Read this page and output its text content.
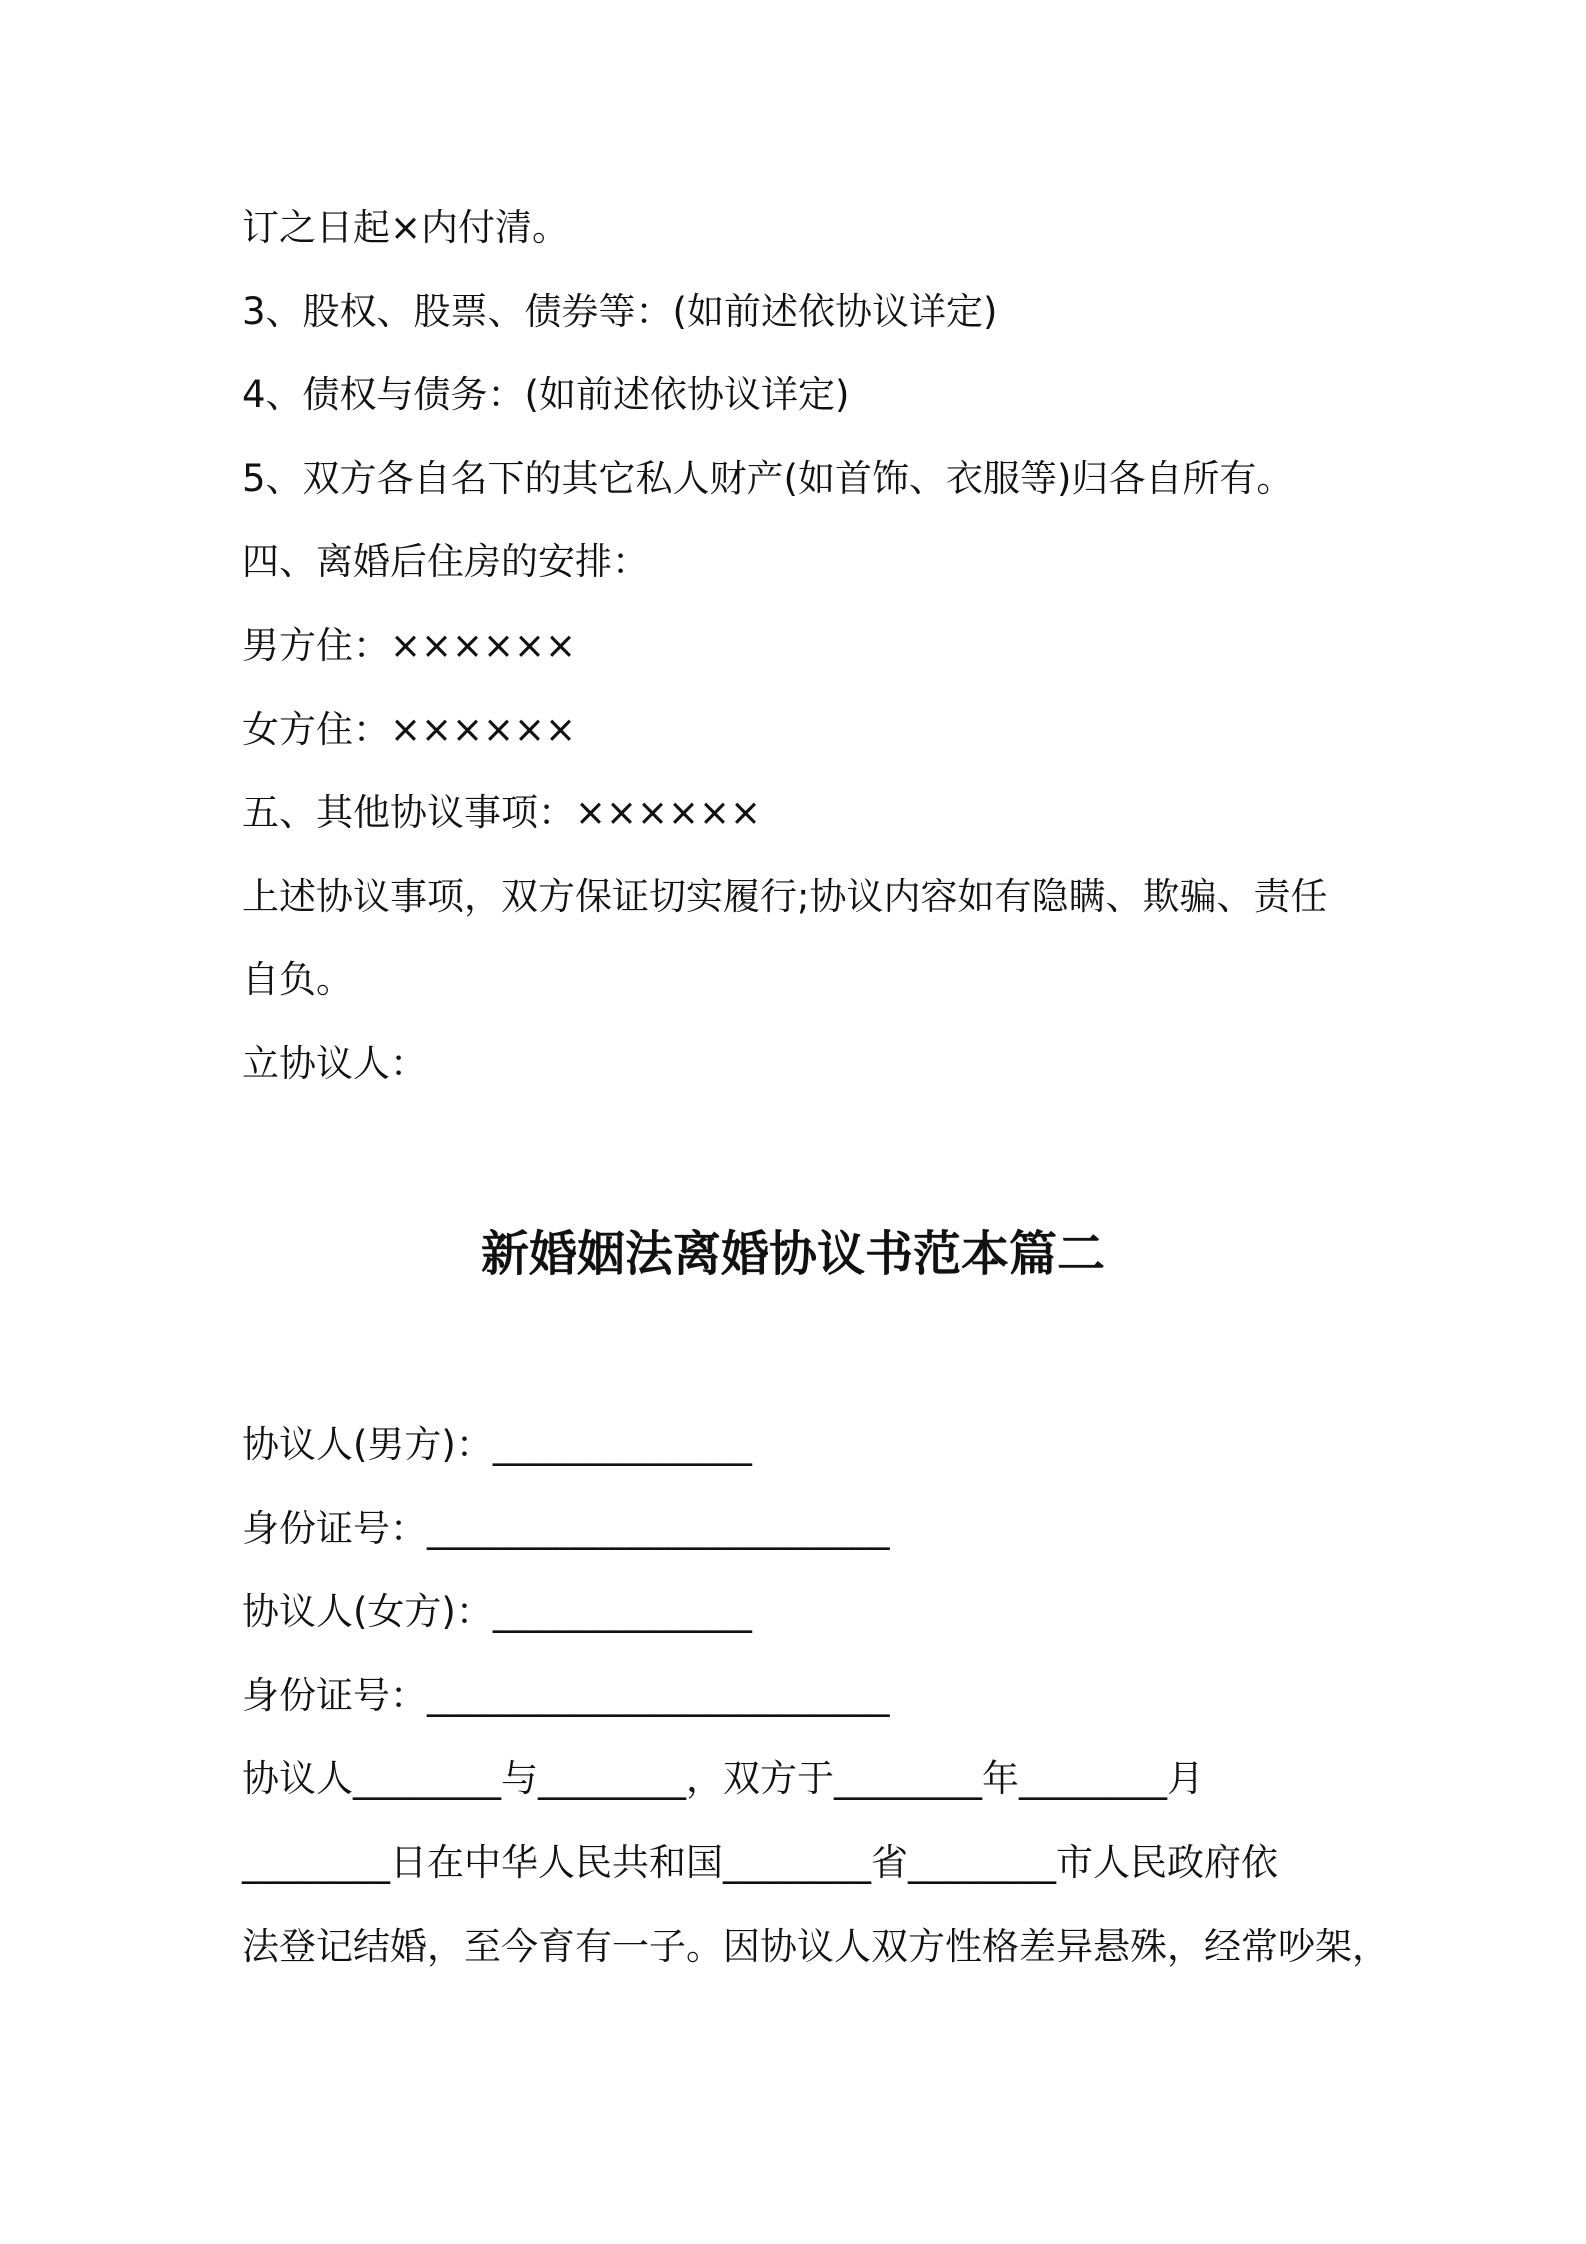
订之日起×内付清。
3、股权、股票、债券等：(如前述依协议详定)
4、债权与债务：(如前述依协议详定)
5、双方各自名下的其它私人财产(如首饰、衣服等)归各自所有。
四、离婚后住房的安排：
男方住：××××××
女方住：××××××
五、其他协议事项：××××××
上述协议事项，双方保证切实履行;协议内容如有隐瞒、欺骗、责任
自负。
立协议人：
新婚姻法离婚协议书范本篇二
协议人(男方)：______________
身份证号：_________________________
协议人(女方)：______________
身份证号：_________________________
协议人________与________，双方于________年________月
________日在中华人民共和国________省________市人民政府依
法登记结婚，至今育有一子。因协议人双方性格差异悬殊，经常吵架，
